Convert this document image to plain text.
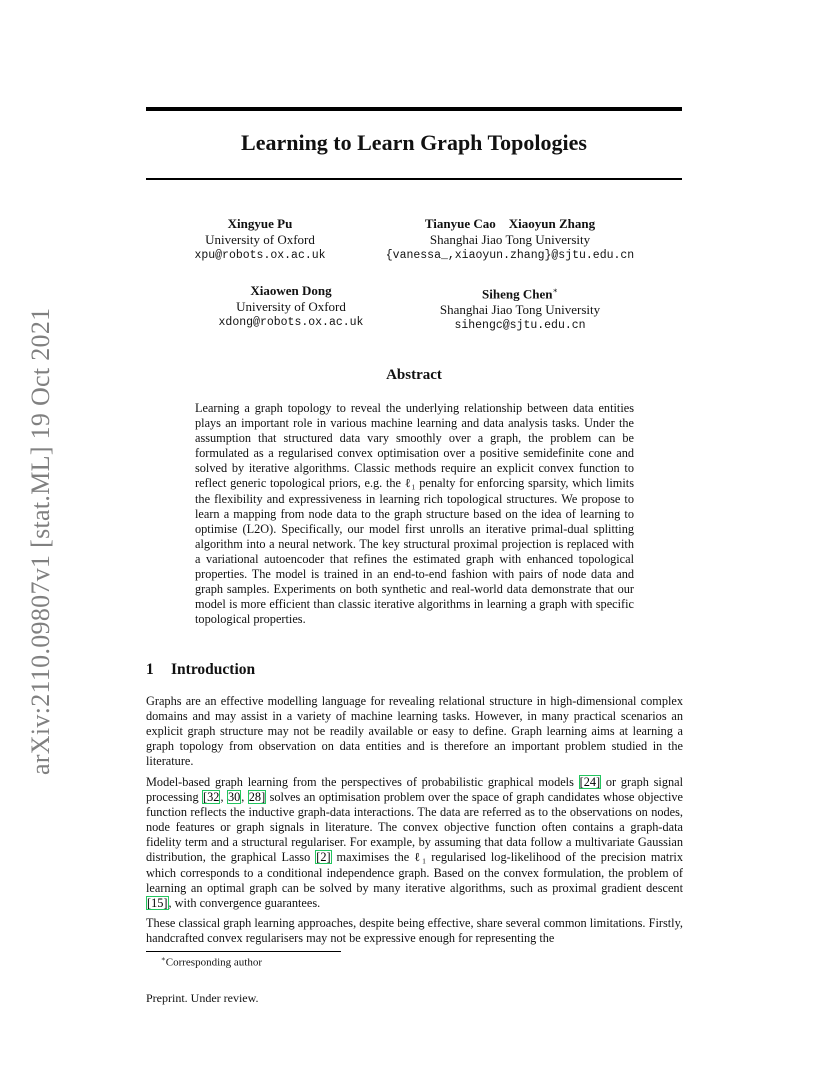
arXiv:2110.09807v1 [stat.ML] 19 Oct 2021
Learning to Learn Graph Topologies
Xingyue Pu
University of Oxford
xpu@robots.ox.ac.uk
Tianyue Cao    Xiaoyun Zhang
Shanghai Jiao Tong University
{vanessa_,xiaoyun.zhang}@sjtu.edu.cn
Xiaowen Dong
University of Oxford
xdong@robots.ox.ac.uk
Siheng Chen∗
Shanghai Jiao Tong University
sihengc@sjtu.edu.cn
Abstract
Learning a graph topology to reveal the underlying relationship between data entities plays an important role in various machine learning and data analysis tasks. Under the assumption that structured data vary smoothly over a graph, the problem can be formulated as a regularised convex optimisation over a positive semidefinite cone and solved by iterative algorithms. Classic methods require an explicit convex function to reflect generic topological priors, e.g. the ℓ₁ penalty for enforcing sparsity, which limits the flexibility and expressiveness in learning rich topological structures. We propose to learn a mapping from node data to the graph structure based on the idea of learning to optimise (L2O). Specifically, our model first unrolls an iterative primal-dual splitting algorithm into a neural network. The key structural proximal projection is replaced with a variational autoencoder that refines the estimated graph with enhanced topological properties. The model is trained in an end-to-end fashion with pairs of node data and graph samples. Experiments on both synthetic and real-world data demonstrate that our model is more efficient than classic iterative algorithms in learning a graph with specific topological properties.
1 Introduction
Graphs are an effective modelling language for revealing relational structure in high-dimensional complex domains and may assist in a variety of machine learning tasks. However, in many practical scenarios an explicit graph structure may not be readily available or easy to define. Graph learning aims at learning a graph topology from observation on data entities and is therefore an important problem studied in the literature.
Model-based graph learning from the perspectives of probabilistic graphical models [24] or graph signal processing [32, 30, 28] solves an optimisation problem over the space of graph candidates whose objective function reflects the inductive graph-data interactions. The data are referred as to the observations on nodes, node features or graph signals in literature. The convex objective function often contains a graph-data fidelity term and a structural regulariser. For example, by assuming that data follow a multivariate Gaussian distribution, the graphical Lasso [2] maximises the ℓ₁ regularised log-likelihood of the precision matrix which corresponds to a conditional independence graph. Based on the convex formulation, the problem of learning an optimal graph can be solved by many iterative algorithms, such as proximal gradient descent [15], with convergence guarantees.
These classical graph learning approaches, despite being effective, share several common limitations. Firstly, handcrafted convex regularisers may not be expressive enough for representing the
∗Corresponding author
Preprint. Under review.
